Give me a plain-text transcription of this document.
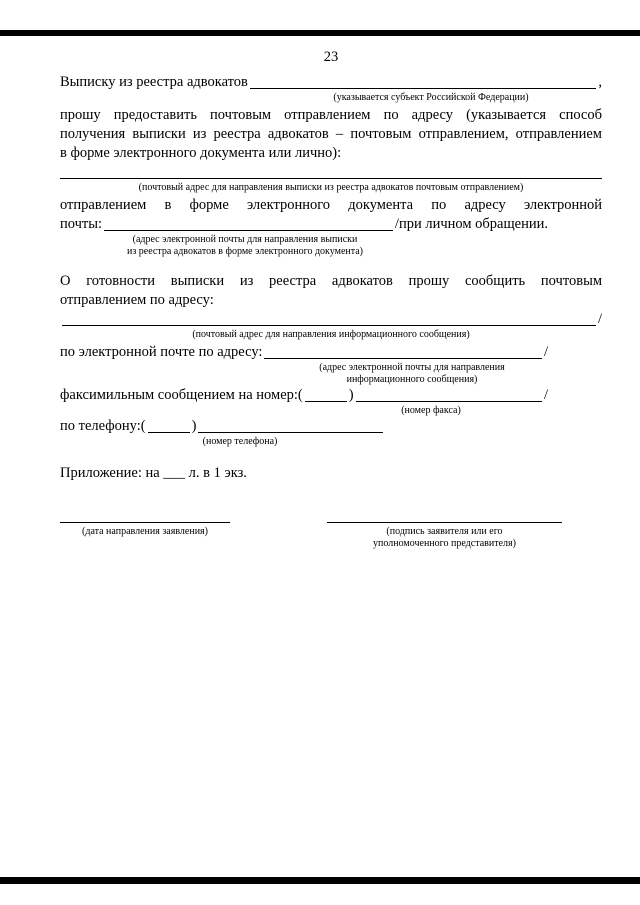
23
Выписку из реестра адвокатов	,
(указывается субъект Российской Федерации)
прошу предоставить почтовым отправлением по адресу (указывается способ
получения выписки из реестра адвокатов – почтовым отправлением, отправлением
в форме электронного документа или лично):
(почтовый адрес для направления выписки из реестра адвокатов почтовым отправлением)
отправлением в форме электронного документа по адресу электронной
почты:	/при личном обращении.
(адрес электронной почты для направления выписки
из реестра адвокатов в форме электронного документа)
О готовности выписки из реестра адвокатов прошу сообщить почтовым
отправлением по адресу:
/
(почтовый адрес для направления информационного сообщения)
по электронной почте по адресу:	/
(адрес электронной почты для направления
информационного сообщения)
факсимильным сообщением на номер: (	)	/
(номер факса)
по телефону: (	)
(номер телефона)
Приложение: на ___ л. в 1 экз.
(дата направления заявления)	(подпись заявителя или его
уполномоченного представителя)
